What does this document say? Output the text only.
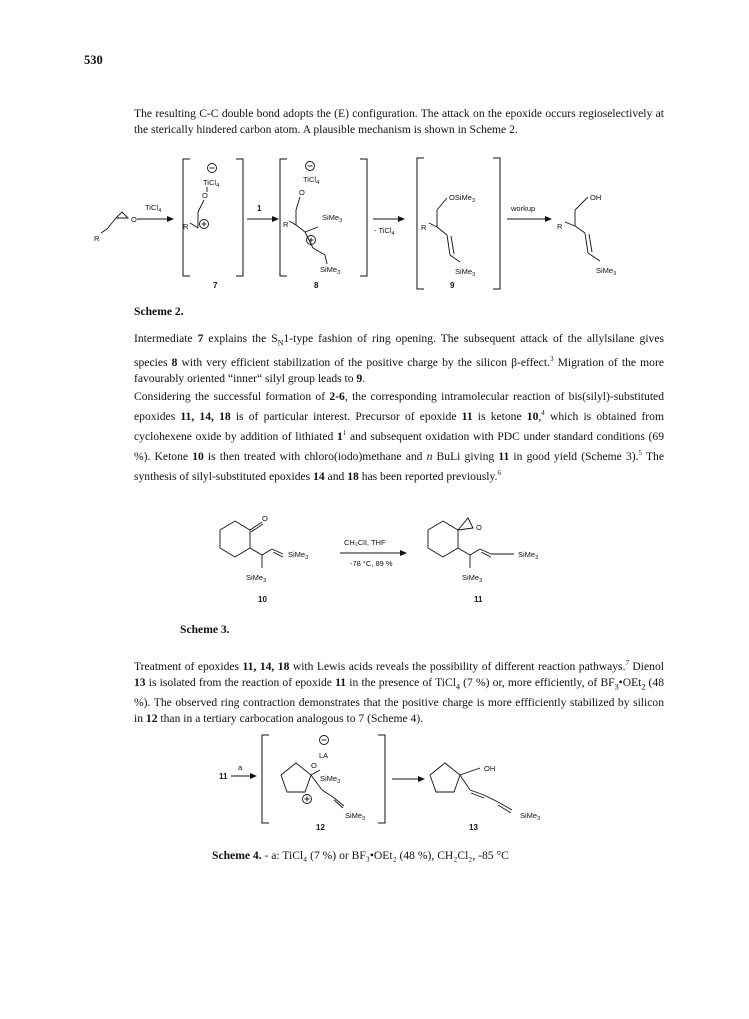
530

The resulting C-C double bond adopts the (E) configuration. The attack on the epoxide occurs regioselectively at the sterically hindered carbon atom. A plausible mechanism is shown in Scheme 2.

O
R
TiCl$_4$
TiCl$_4$
O
R
7
1
TiCl$_4$
O
R
SiMe$_3$
SiMe$_3$
8
- TiCl$_4$
OSiMe$_3$
R
SiMe$_3$
9
workup
OH
R
SiMe$_3$
Scheme 2.

Intermediate 7 explains the $S_N1$-type fashion of ring opening. The subsequent attack of the allylsilane gives species 8 with very efficient stabilization of the positive charge by the silicon β-effect.$^3$ Migration of the more favourably oriented “inner“ silyl group leads to 9.

Considering the successful formation of 2-6, the corresponding intramolecular reaction of bis(silyl)-substituted epoxides 11, 14, 18 is of particular interest. Precursor of epoxide 11 is ketone 10,$^4$ which is obtained from cyclohexene oxide by addition of lithiated $1^1$ and subsequent oxidation with PDC under standard conditions (69 %). Ketone 10 is then treated with chloro(iodo)methane and n BuLi giving 11 in good yield (Scheme 3).$^5$ The synthesis of silyl-substituted epoxides 14 and 18 has been reported previously.$^6$

O
SiMe$_3$
SiMe$_3$
10
CH₂ClI, THF
-78 °C, 89 %
O
SiMe$_3$
SiMe$_3$
11
Scheme 3.

Treatment of epoxides 11, 14, 18 with Lewis acids reveals the possibility of different reaction pathways.$^7$ Dienol 13 is isolated from the reaction of epoxide 11 in the presence of TiCl$_4$ (7 %) or, more efficiently, of $BF_3•OEt_2$ (48 %). The observed ring contraction demonstrates that the positive charge is more effficiently stabilized by silicon in 12 than in a tertiary carbocation analogous to 7 (Scheme 4).

11
a
LA
O
SiMe$_3$
SiMe$_3$
12
OH
SiMe$_3$
13
Scheme 4. - a: TiCl₄ (7 %) or BF₃•OEt₂ (48 %), CH₂Cl₂, -85 °C
